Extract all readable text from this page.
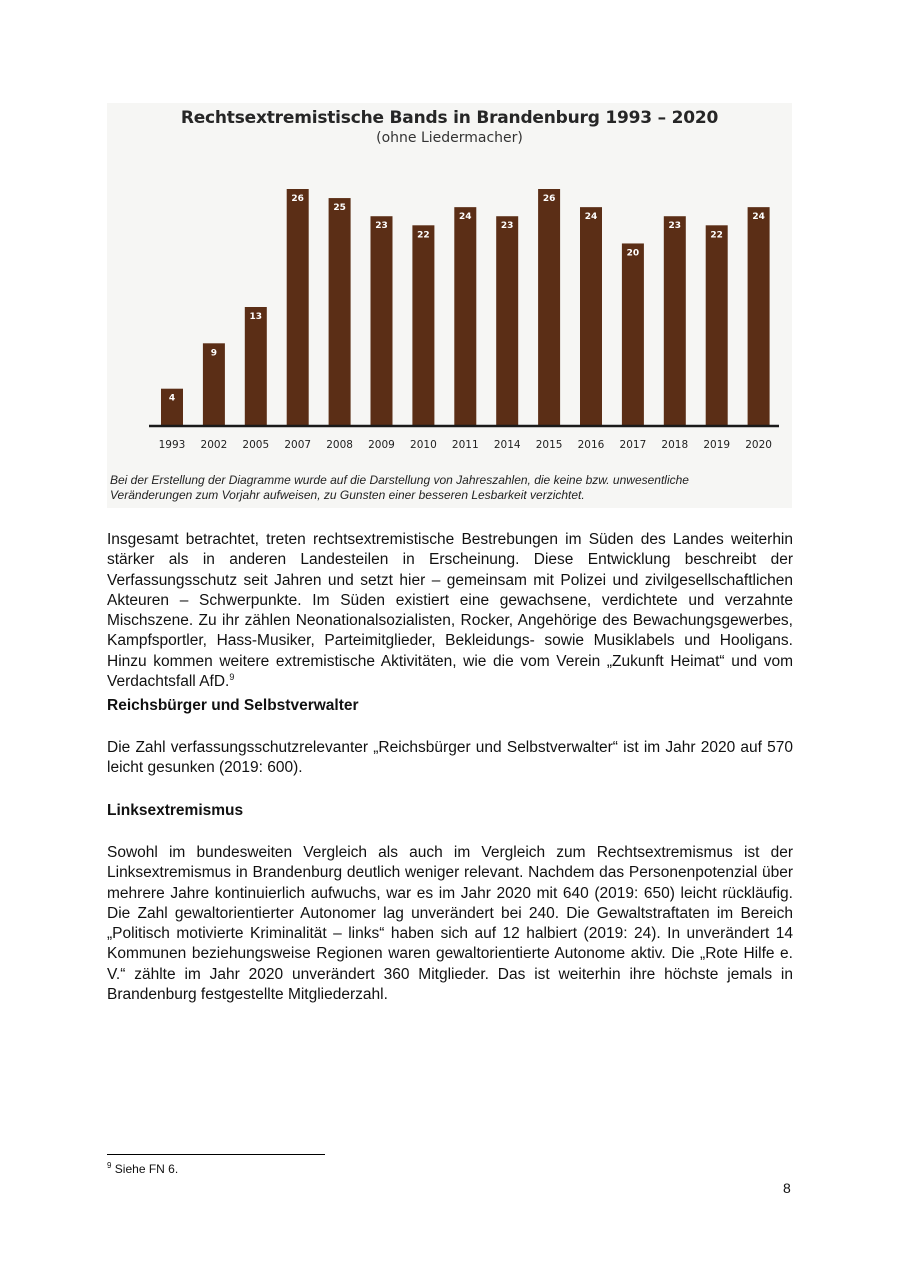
Rechtsextremistische Bands in Brandenburg 1993 – 2020
(ohne Liedermacher)
4
1993
9
2002
13
2005
26
2007
25
2008
23
2009
22
2010
24
2011
23
2014
26
2015
24
2016
20
2017
23
2018
22
2019
24
2020
Bei der Erstellung der Diagramme wurde auf die Darstellung von Jahreszahlen, die keine bzw. unwesentliche
Veränderungen zum Vorjahr aufweisen, zu Gunsten einer besseren Lesbarkeit verzichtet.

Insgesamt betrachtet, treten rechtsextremistische Bestrebungen im Süden des Landes weiterhin stärker als in anderen Landesteilen in Erscheinung. Diese Entwicklung beschreibt der Verfassungsschutz seit Jahren und setzt hier – gemeinsam mit Polizei und zivilgesellschaftlichen Akteuren – Schwerpunkte. Im Süden existiert eine gewachsene, verdichtete und verzahnte Mischszene. Zu ihr zählen Neonationalsozialisten, Rocker, Angehörige des Bewachungsgewerbes, Kampfsportler, Hass-Musiker, Parteimitglieder, Bekleidungs- sowie Musiklabels und Hooligans. Hinzu kommen weitere extremistische Aktivitäten, wie die vom Verein „Zukunft Heimat“ und vom Verdachtsfall AfD.$^9$

Reichsbürger und Selbstverwalter

Die Zahl verfassungsschutzrelevanter „Reichsbürger und Selbstverwalter“ ist im Jahr 2020 auf 570 leicht gesunken (2019: 600).

Linksextremismus

Sowohl im bundesweiten Vergleich als auch im Vergleich zum Rechtsextremismus ist der Linksextremismus in Brandenburg deutlich weniger relevant. Nachdem das Personenpotenzial über mehrere Jahre kontinuierlich aufwuchs, war es im Jahr 2020 mit 640 (2019: 650) leicht rückläufig. Die Zahl gewaltorientierter Autonomer lag unverändert bei 240. Die Gewaltstraftaten im Bereich „Politisch motivierte Kriminalität – links“ haben sich auf 12 halbiert (2019: 24). In unverändert 14 Kommunen beziehungsweise Regionen waren gewaltorientierte Autonome aktiv. Die „Rote Hilfe e. V.“ zählte im Jahr 2020 unverändert 360 Mitglieder. Das ist weiterhin ihre höchste jemals in Brandenburg festgestellte Mitgliederzahl.

$^9$ Siehe FN 6.
8
